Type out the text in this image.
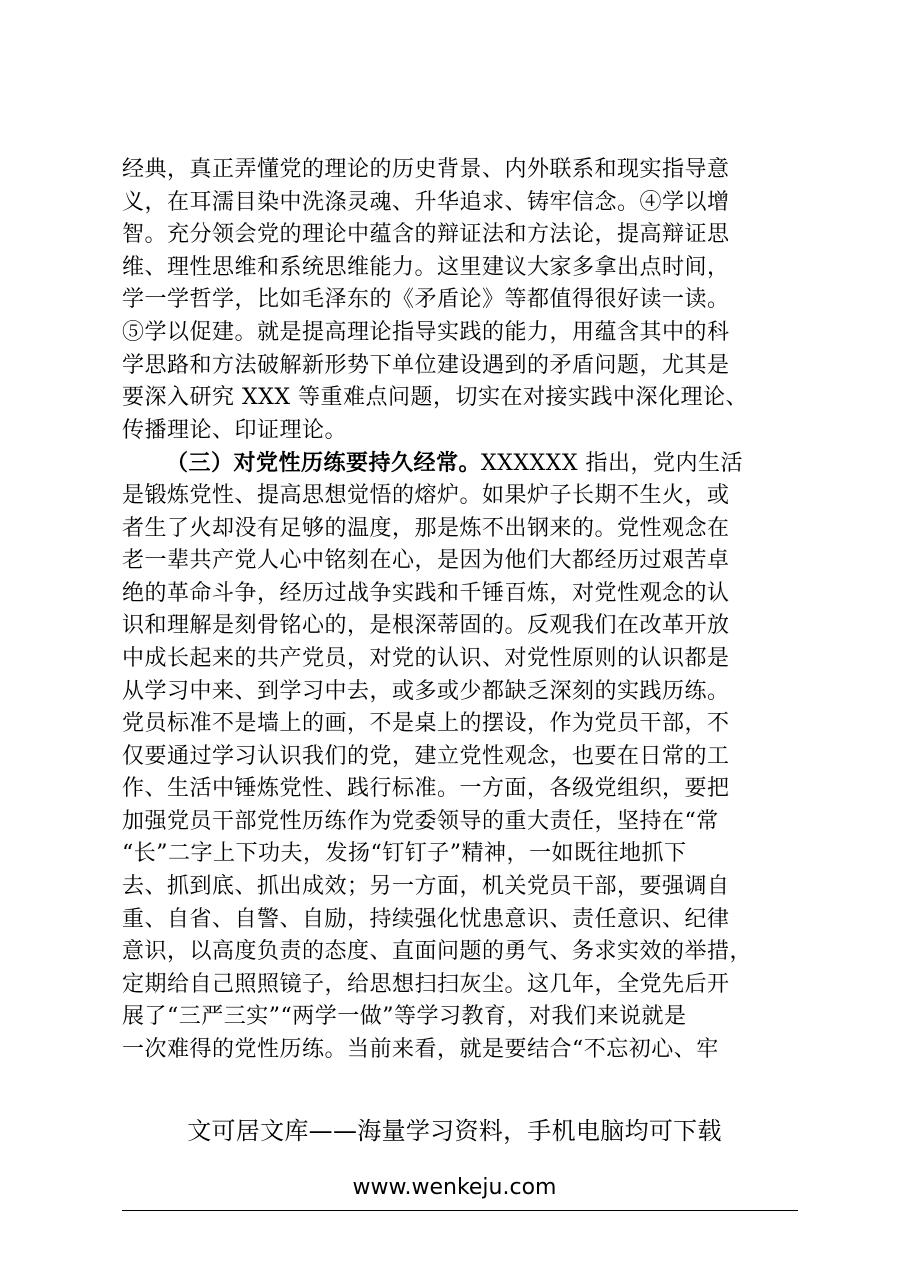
经典，真正弄懂党的理论的历史背景、内外联系和现实指导意
义，在耳濡目染中洗涤灵魂、升华追求、铸牢信念。④学以增
智。充分领会党的理论中蕴含的辩证法和方法论，提高辩证思
维、理性思维和系统思维能力。这里建议大家多拿出点时间，
学一学哲学，比如毛泽东的《矛盾论》等都值得很好读一读。
⑤学以促建。就是提高理论指导实践的能力，用蕴含其中的科
学思路和方法破解新形势下单位建设遇到的矛盾问题，尤其是
要深入研究 XXX 等重难点问题，切实在对接实践中深化理论、
传播理论、印证理论。
（三）对党性历练要持久经常。XXXXXX 指出，党内生活
是锻炼党性、提高思想觉悟的熔炉。如果炉子长期不生火，或
者生了火却没有足够的温度，那是炼不出钢来的。党性观念在
老一辈共产党人心中铭刻在心，是因为他们大都经历过艰苦卓
绝的革命斗争，经历过战争实践和千锤百炼，对党性观念的认
识和理解是刻骨铭心的，是根深蒂固的。反观我们在改革开放
中成长起来的共产党员，对党的认识、对党性原则的认识都是
从学习中来、到学习中去，或多或少都缺乏深刻的实践历练。
党员标准不是墙上的画，不是桌上的摆设，作为党员干部，不
仅要通过学习认识我们的党，建立党性观念，也要在日常的工
作、生活中锤炼党性、践行标准。一方面，各级党组织，要把
加强党员干部党性历练作为党委领导的重大责任，坚持在“常
“长”二字上下功夫，发扬“钉钉子”精神，一如既往地抓下
去、抓到底、抓出成效；另一方面，机关党员干部，要强调自
重、自省、自警、自励，持续强化忧患意识、责任意识、纪律
意识，以高度负责的态度、直面问题的勇气、务求实效的举措，
定期给自己照照镜子，给思想扫扫灰尘。这几年，全党先后开
展了“三严三实”“两学一做”等学习教育，对我们来说就是
一次难得的党性历练。当前来看，就是要结合“不忘初心、牢
文可居文库——海量学习资料，手机电脑均可下载
www.wenkeju.com
